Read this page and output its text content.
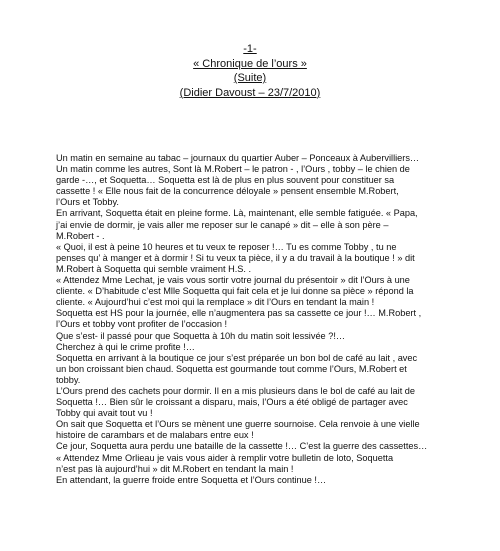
-1-
« Chronique de l’ours »
(Suite)
(Didier Davoust – 23/7/2010)
Un matin en semaine au tabac – journaux du quartier Auber – Ponceaux à Aubervilliers…
Un matin comme les autres, Sont là M.Robert – le patron - , l’Ours , tobby – le chien de
garde -…, et Soquetta… Soquetta est là de plus en plus souvent pour constituer sa
cassette ! « Elle nous fait de la concurrence déloyale » pensent ensemble M.Robert,
l’Ours et Tobby.
En arrivant, Soquetta était en pleine forme. Là, maintenant, elle semble fatiguée. « Papa,
j’ai envie de dormir, je vais aller me reposer sur le canapé » dit – elle à son père –
M.Robert - .
« Quoi, il est à peine 10 heures et tu veux te reposer !… Tu es comme Tobby , tu ne
penses qu’ à manger et à dormir ! Si tu veux ta pièce, il y a du travail à la boutique ! » dit
M.Robert à Soquetta qui semble vraiment H.S. .
« Attendez Mme Lechat, je vais vous sortir votre journal du présentoir » dit l’Ours à une
cliente. « D’habitude c’est Mlle Soquetta qui fait cela et je lui donne sa pièce » répond la
cliente. « Aujourd’hui c’est moi qui la remplace » dit l’Ours en tendant la main !
Soquetta est HS pour la journée, elle n’augmentera pas sa cassette ce jour !… M.Robert ,
l’Ours et tobby vont profiter de l’occasion !
Que s’est- il passé pour que Soquetta à 10h du matin soit lessivée ?!…
Cherchez à qui le crime profite !…
Soquetta en arrivant à la boutique ce jour s’est préparée un bon bol de café au lait , avec
un bon croissant bien chaud. Soquetta est gourmande tout comme l’Ours, M.Robert et
tobby.
L’Ours prend des cachets pour dormir. Il en a mis plusieurs dans le bol de café au lait de
Soquetta !… Bien sûr le croissant a disparu, mais, l’Ours a été obligé de partager avec
Tobby qui avait tout vu !
On sait que Soquetta et l’Ours se mènent une guerre sournoise. Cela renvoie à une vielle
histoire de carambars et de malabars entre eux !
Ce jour, Soquetta aura perdu une bataille de la cassette !… C’est la guerre des cassettes…
« Attendez Mme Orlieau je vais vous aider à remplir votre bulletin de loto, Soquetta
n’est pas là aujourd’hui » dit M.Robert en tendant la main !
En attendant, la guerre froide entre Soquetta et l’Ours continue !…
